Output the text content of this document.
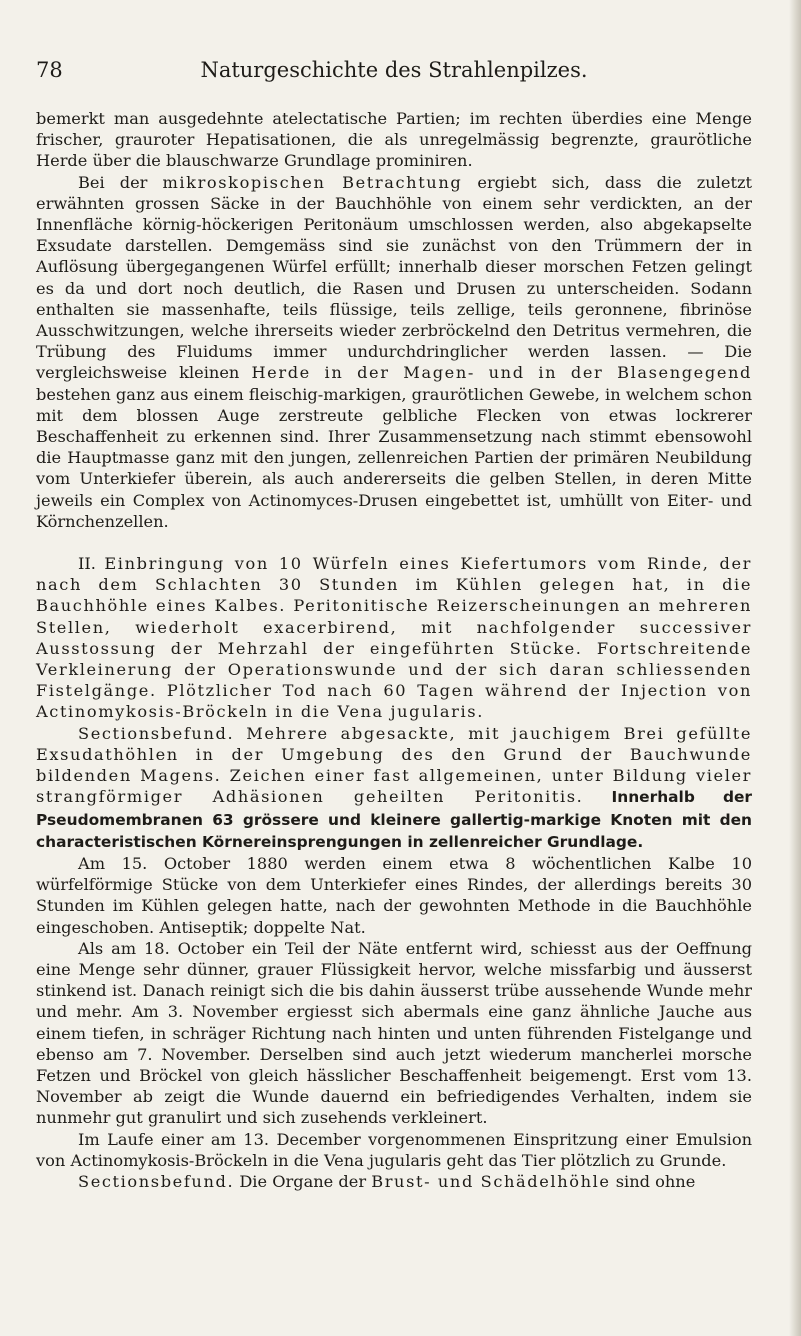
78	Naturgeschichte des Strahlenpilzes.

bemerkt man ausgedehnte atelectatische Partien; im rechten überdies eine Menge frischer, grauroter Hepatisationen, die als unregelmässig begrenzte, graurötliche Herde über die blauschwarze Grundlage prominiren.

Bei der mikroskopischen Betrachtung ergiebt sich, dass die zuletzt erwähnten grossen Säcke in der Bauchhöhle von einem sehr verdickten, an der Innenfläche körnig-höckerigen Peritonäum umschlossen werden, also abgekapselte Exsudate darstellen. Demgemäss sind sie zunächst von den Trümmern der in Auflösung übergegangenen Würfel erfüllt; innerhalb dieser morschen Fetzen gelingt es da und dort noch deutlich, die Rasen und Drusen zu unterscheiden. Sodann enthalten sie massenhafte, teils flüssige, teils zellige, teils geronnene, fibrinöse Ausschwitzungen, welche ihrerseits wieder zerbröckelnd den Detritus vermehren, die Trübung des Fluidums immer undurchdringlicher werden lassen. — Die vergleichsweise kleinen Herde in der Magen- und in der Blasengegend bestehen ganz aus einem fleischig-markigen, graurötlichen Gewebe, in welchem schon mit dem blossen Auge zerstreute gelbliche Flecken von etwas lockrerer Beschaffenheit zu erkennen sind. Ihrer Zusammensetzung nach stimmt ebensowohl die Hauptmasse ganz mit den jungen, zellenreichen Partien der primären Neubildung vom Unterkiefer überein, als auch andererseits die gelben Stellen, in deren Mitte jeweils ein Complex von Actinomyces-Drusen eingebettet ist, umhüllt von Eiter- und Körnchenzellen.

II. Einbringung von 10 Würfeln eines Kiefertumors vom Rinde, der nach dem Schlachten 30 Stunden im Kühlen gelegen hat, in die Bauchhöhle eines Kalbes. Peritonitische Reizerscheinungen an mehreren Stellen, wiederholt exacerbirend, mit nachfolgender successiver Ausstossung der Mehrzahl der eingeführten Stücke. Fortschreitende Verkleinerung der Operationswunde und der sich daran schliessenden Fistelgänge. Plötzlicher Tod nach 60 Tagen während der Injection von Actinomykosis-Bröckeln in die Vena jugularis.

Sectionsbefund. Mehrere abgesackte, mit jauchigem Brei gefüllte Exsudathöhlen in der Umgebung des den Grund der Bauchwunde bildenden Magens. Zeichen einer fast allgemeinen, unter Bildung vieler strangförmiger Adhäsionen geheilten Peritonitis. Innerhalb der Pseudomembranen 63 grössere und kleinere gallertig-markige Knoten mit den characteristischen Körnereinsprengungen in zellenreicher Grundlage.

Am 15. October 1880 werden einem etwa 8 wöchentlichen Kalbe 10 würfelförmige Stücke von dem Unterkiefer eines Rindes, der allerdings bereits 30 Stunden im Kühlen gelegen hatte, nach der gewohnten Methode in die Bauchhöhle eingeschoben. Antiseptik; doppelte Nat.

Als am 18. October ein Teil der Näte entfernt wird, schiesst aus der Oeffnung eine Menge sehr dünner, grauer Flüssigkeit hervor, welche missfarbig und äusserst stinkend ist. Danach reinigt sich die bis dahin äusserst trübe aussehende Wunde mehr und mehr. Am 3. November ergiesst sich abermals eine ganz ähnliche Jauche aus einem tiefen, in schräger Richtung nach hinten und unten führenden Fistelgange und ebenso am 7. November. Derselben sind auch jetzt wiederum mancherlei morsche Fetzen und Bröckel von gleich hässlicher Beschaffenheit beigemengt. Erst vom 13. November ab zeigt die Wunde dauernd ein befriedigendes Verhalten, indem sie nunmehr gut granulirt und sich zusehends verkleinert.

Im Laufe einer am 13. December vorgenommenen Einspritzung einer Emulsion von Actinomykosis-Bröckeln in die Vena jugularis geht das Tier plötzlich zu Grunde.

Sectionsbefund. Die Organe der Brust- und Schädelhöhle sind ohne
